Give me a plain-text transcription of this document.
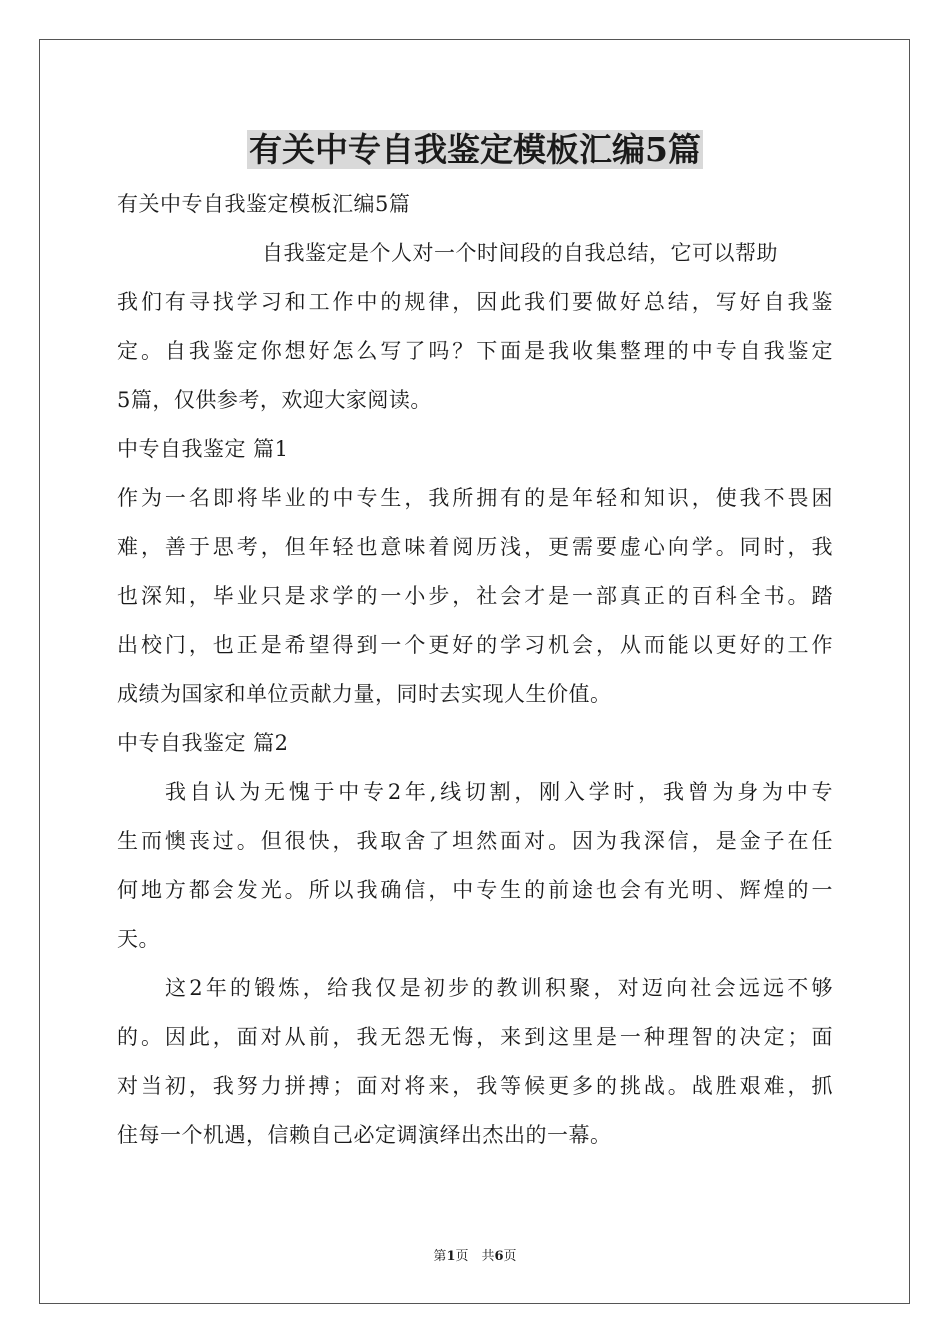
有关中专自我鉴定模板汇编5篇

有关中专自我鉴定模板汇编5篇

自我鉴定是个人对一个时间段的自我总结，它可以帮助

我们有寻找学习和工作中的规律，因此我们要做好总结，写好自我鉴

定。自我鉴定你想好怎么写了吗？下面是我收集整理的中专自我鉴定

5篇，仅供参考，欢迎大家阅读。

中专自我鉴定 篇1

作为一名即将毕业的中专生，我所拥有的是年轻和知识，使我不畏困

难，善于思考，但年轻也意味着阅历浅，更需要虚心向学。同时，我

也深知，毕业只是求学的一小步，社会才是一部真正的百科全书。踏

出校门，也正是希望得到一个更好的学习机会，从而能以更好的工作

成绩为国家和单位贡献力量，同时去实现人生价值。

中专自我鉴定 篇2

我自认为无愧于中专2年,线切割，刚入学时，我曾为身为中专

生而懊丧过。但很快，我取舍了坦然面对。因为我深信，是金子在任

何地方都会发光。所以我确信，中专生的前途也会有光明、辉煌的一

天。

这2年的锻炼，给我仅是初步的教训积聚，对迈向社会远远不够

的。因此，面对从前，我无怨无悔，来到这里是一种理智的决定；面

对当初，我努力拼搏；面对将来，我等候更多的挑战。战胜艰难，抓

住每一个机遇，信赖自己必定调演绎出杰出的一幕。

第1页　共6页
